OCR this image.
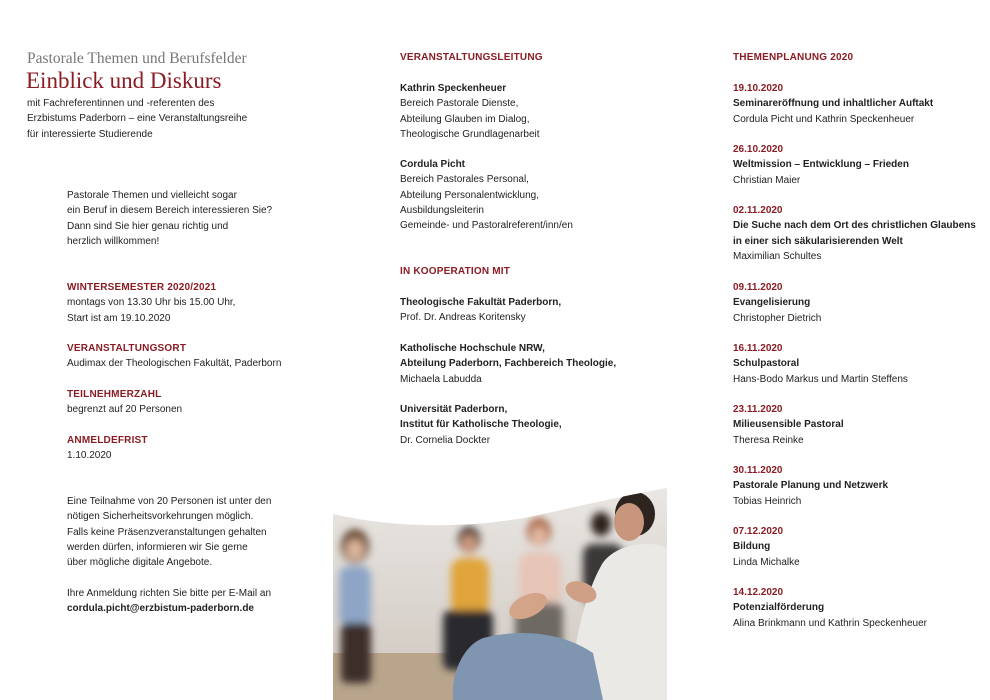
Pastorale Themen und Berufsfelder
Einblick und Diskurs
mit Fachreferentinnen und -referenten des
Erzbistums Paderborn – eine Veranstaltungsreihe
für interessierte Studierende
Pastorale Themen und vielleicht sogar
ein Beruf in diesem Bereich interessieren Sie?
Dann sind Sie hier genau richtig und
herzlich willkommen!
WINTERSEMESTER 2020/2021
montags von 13.30 Uhr bis 15.00 Uhr,
Start ist am 19.10.2020
VERANSTALTUNGSORT
Audimax der Theologischen Fakultät, Paderborn
TEILNEHMERZAHL
begrenzt auf 20 Personen
ANMELDEFRIST
1.10.2020
Eine Teilnahme von 20 Personen ist unter den
nötigen Sicherheitsvorkehrungen möglich.
Falls keine Präsenzveranstaltungen gehalten
werden dürfen, informieren wir Sie gerne
über mögliche digitale Angebote.
Ihre Anmeldung richten Sie bitte per E-Mail an
cordula.picht@erzbistum-paderborn.de
VERANSTALTUNGSLEITUNG
Kathrin Speckenheuer
Bereich Pastorale Dienste,
Abteilung Glauben im Dialog,
Theologische Grundlagenarbeit
Cordula Picht
Bereich Pastorales Personal,
Abteilung Personalentwicklung,
Ausbildungsleiterin
Gemeinde- und Pastoralreferent/inn/en
IN KOOPERATION MIT
Theologische Fakultät Paderborn,
Prof. Dr. Andreas Koritensky
Katholische Hochschule NRW,
Abteilung Paderborn, Fachbereich Theologie,
Michaela Labudda
Universität Paderborn,
Institut für Katholische Theologie,
Dr. Cornelia Dockter
THEMENPLANUNG 2020
19.10.2020
Seminareröffnung und inhaltlicher Auftakt
Cordula Picht und Kathrin Speckenheuer
26.10.2020
Weltmission – Entwicklung – Frieden
Christian Maier
02.11.2020
Die Suche nach dem Ort des christlichen Glaubens
in einer sich säkularisierenden Welt
Maximilian Schultes
09.11.2020
Evangelisierung
Christopher Dietrich
16.11.2020
Schulpastoral
Hans-Bodo Markus und Martin Steffens
23.11.2020
Milieusensible Pastoral
Theresa Reinke
30.11.2020
Pastorale Planung und Netzwerk
Tobias Heinrich
07.12.2020
Bildung
Linda Michalke
14.12.2020
Potenzialförderung
Alina Brinkmann und Kathrin Speckenheuer
